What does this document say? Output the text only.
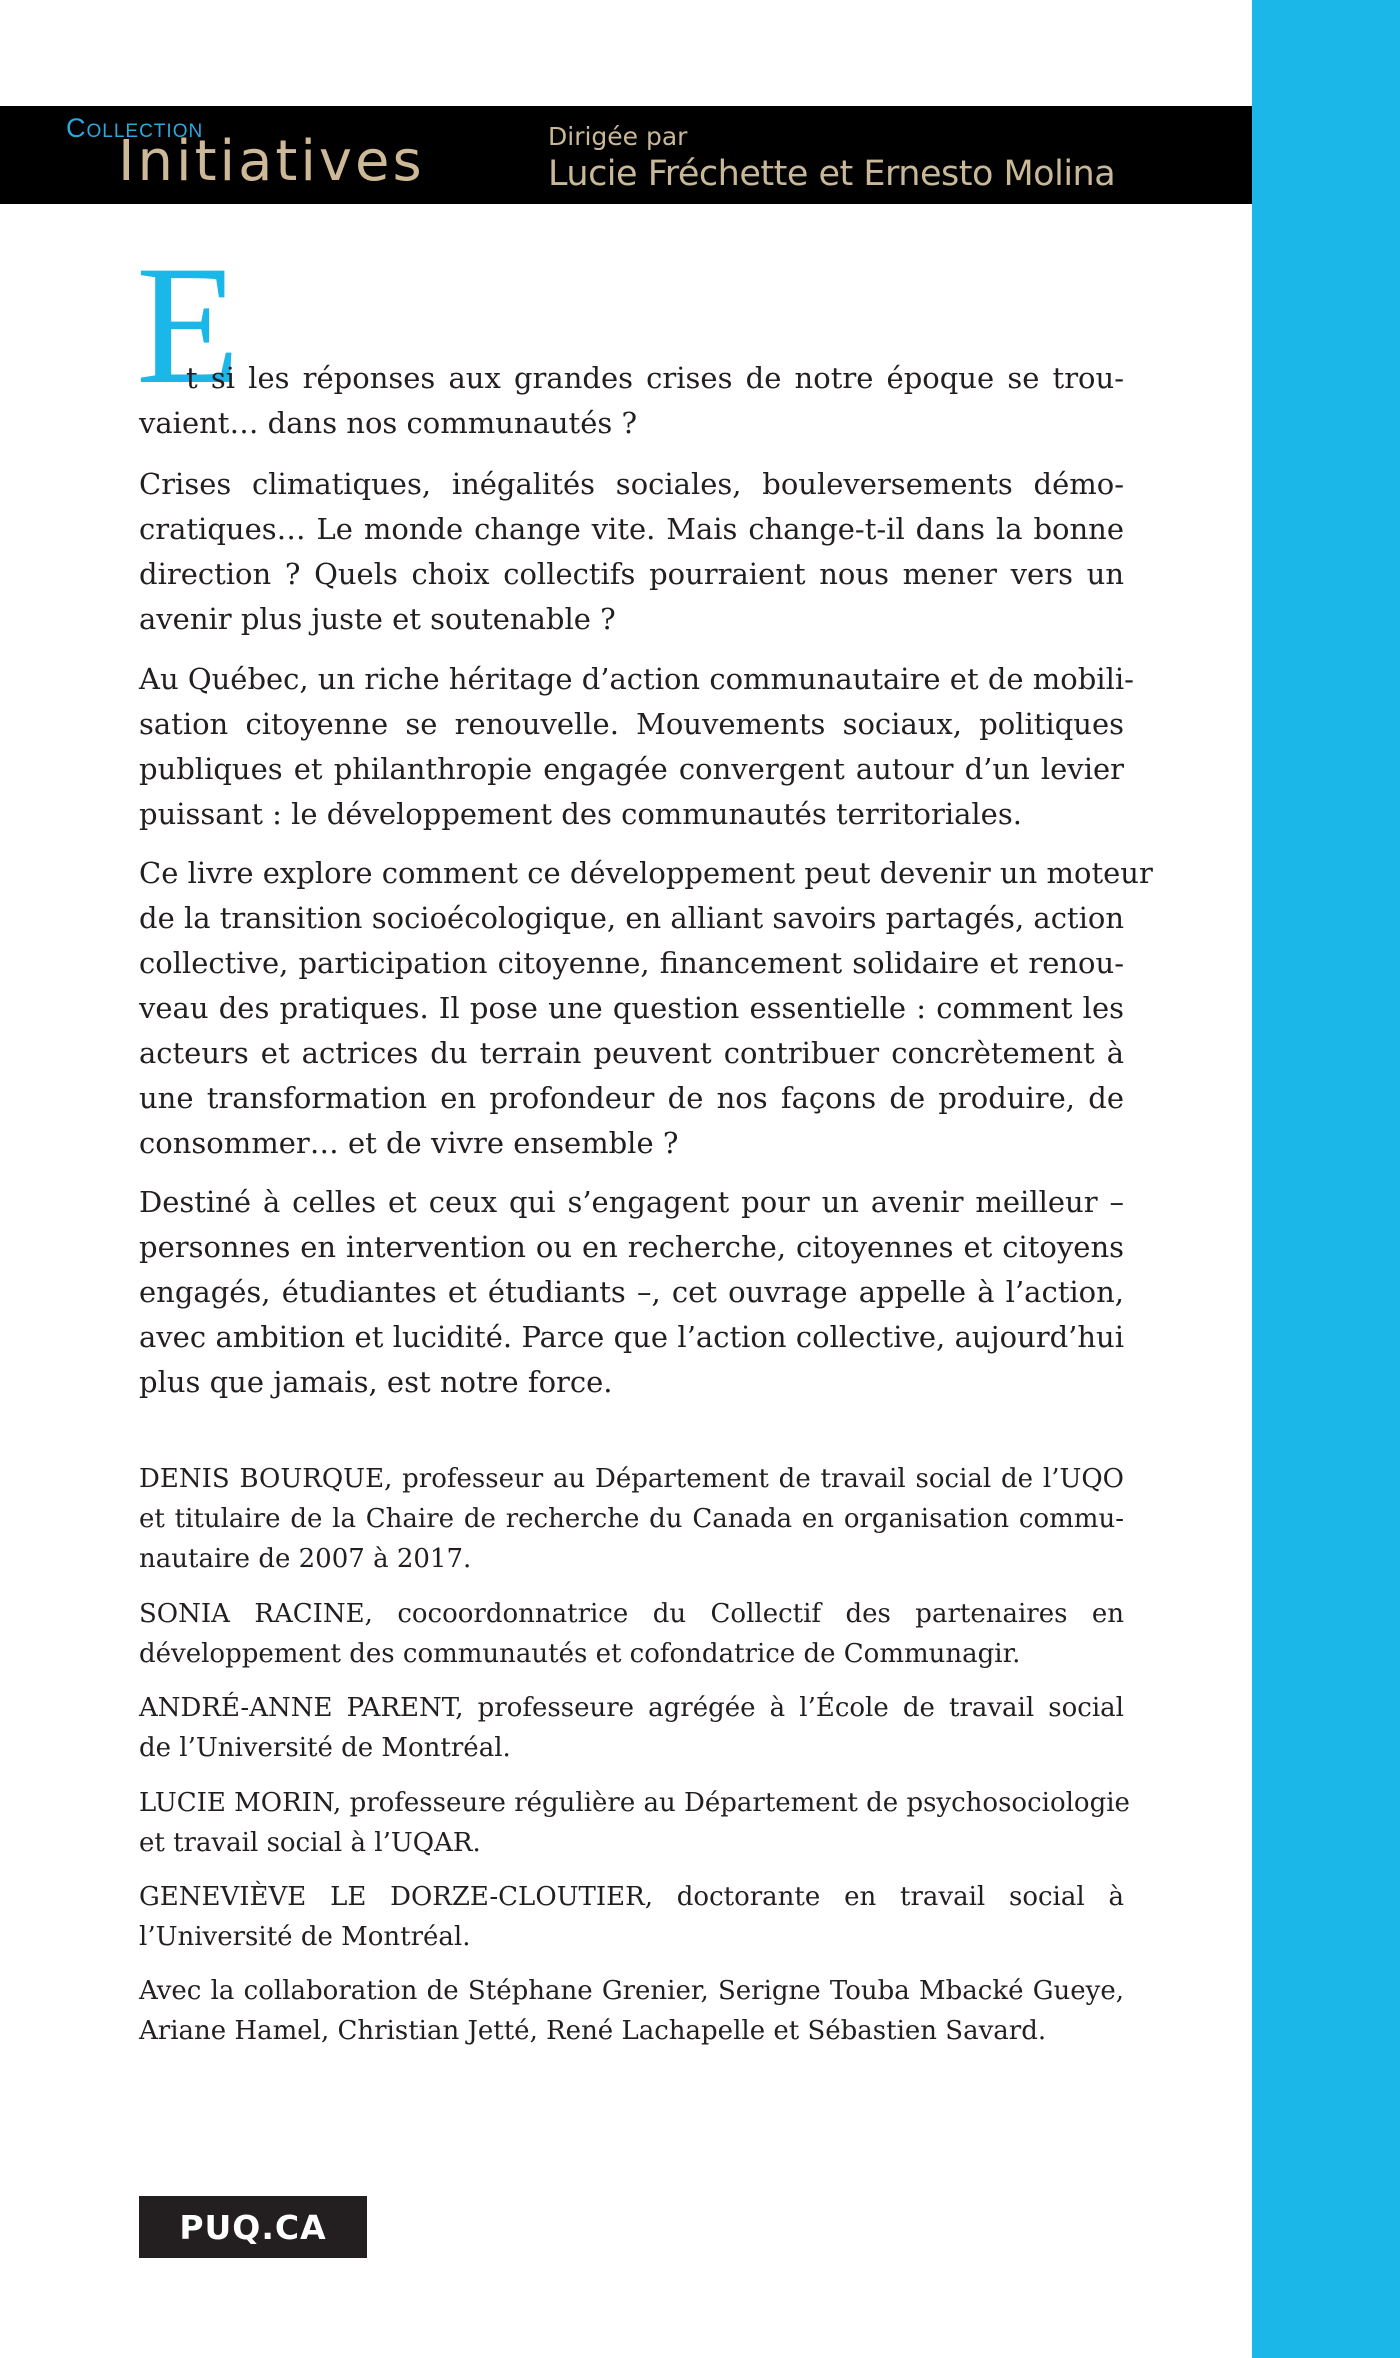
Collection
Initiatives	Dirigée par
Lucie Fréchette et Ernesto Molina
E
t si les réponses aux grandes crises de notre époque se trou-
vaient… dans nos communautés ?
Crises climatiques, inégalités sociales, bouleversements démo-
cratiques… Le monde change vite. Mais change-t-il dans la bonne
direction ? Quels choix collectifs pourraient nous mener vers un
avenir plus juste et soutenable ?
Au Québec, un riche héritage d’action communautaire et de mobili-
sation citoyenne se renouvelle. Mouvements sociaux, politiques
publiques et philanthropie engagée convergent autour d’un levier
puissant : le développement des communautés territoriales.
Ce livre explore comment ce développement peut devenir un moteur
de la transition socioécologique, en alliant savoirs partagés, action
collective, participation citoyenne, financement solidaire et renou-
veau des pratiques. Il pose une question essentielle : comment les
acteurs et actrices du terrain peuvent contribuer concrètement à
une transformation en profondeur de nos façons de produire, de
consommer… et de vivre ensemble ?
Destiné à celles et ceux qui s’engagent pour un avenir meilleur –
personnes en intervention ou en recherche, citoyennes et citoyens
engagés, étudiantes et étudiants –, cet ouvrage appelle à l’action,
avec ambition et lucidité. Parce que l’action collective, aujourd’hui
plus que jamais, est notre force.
DENIS BOURQUE, professeur au Département de travail social de l’UQO
et titulaire de la Chaire de recherche du Canada en organisation commu-
nautaire de 2007 à 2017.
SONIA RACINE, cocoordonnatrice du Collectif des partenaires en
développement des communautés et cofondatrice de Communagir.
ANDRÉ-ANNE PARENT, professeure agrégée à l’École de travail social
de l’Université de Montréal.
LUCIE MORIN, professeure régulière au Département de psychosociologie
et travail social à l’UQAR.
GENEVIÈVE LE DORZE-CLOUTIER, doctorante en travail social à
l’Université de Montréal.
Avec la collaboration de Stéphane Grenier, Serigne Touba Mbacké Gueye,
Ariane Hamel, Christian Jetté, René Lachapelle et Sébastien Savard.
PUQ.CA
